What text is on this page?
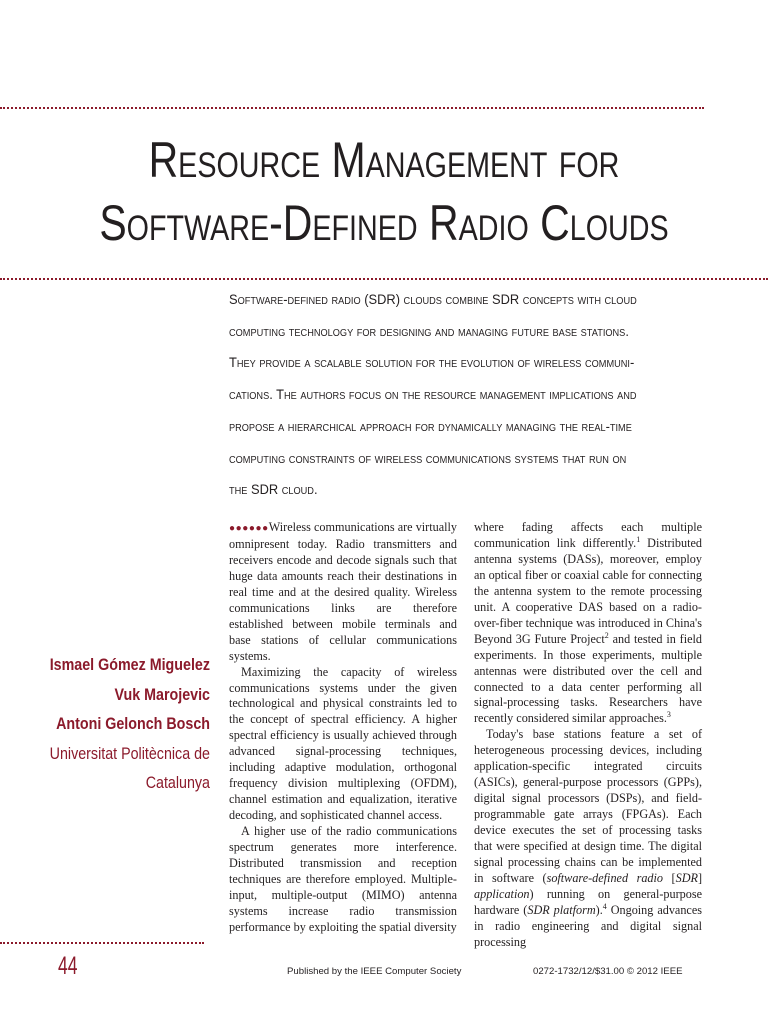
Resource Management for
Software-Defined Radio Clouds
Software-defined radio (SDR) clouds combine SDR concepts with cloud
computing technology for designing and managing future base stations.
They provide a scalable solution for the evolution of wireless communi-
cations. The authors focus on the resource management implications and
propose a hierarchical approach for dynamically managing the real-time
computing constraints of wireless communications systems that run on
the SDR cloud.
Ismael Gómez Miguelez
Vuk Marojevic
Antoni Gelonch Bosch
Universitat Politècnica de
Catalunya

●●●●●●Wireless communications are virtually omnipresent today. Radio transmitters and receivers encode and decode signals such that huge data amounts reach their destinations in real time and at the desired quality. Wireless communications links are therefore established between mobile terminals and base stations of cellular communications systems.

Maximizing the capacity of wireless communications systems under the given technological and physical constraints led to the concept of spectral efficiency. A higher spectral efficiency is usually achieved through advanced signal-processing techniques, including adaptive modulation, orthogonal frequency division multiplexing (OFDM), channel estimation and equalization, iterative decoding, and sophisticated channel access.

A higher use of the radio communications spectrum generates more interference. Distributed transmission and reception techniques are therefore employed. Multiple-input, multiple-output (MIMO) antenna systems increase radio transmission performance by exploiting the spatial diversity

where fading affects each multiple communication link differently.$^1$ Distributed antenna systems (DASs), moreover, employ an optical fiber or coaxial cable for connecting the antenna system to the remote processing unit. A cooperative DAS based on a radio-over-fiber technique was introduced in China's Beyond 3G Future Project$^2$ and tested in field experiments. In those experiments, multiple antennas were distributed over the cell and connected to a data center performing all signal-processing tasks. Researchers have recently considered similar approaches.$^3$

Today's base stations feature a set of heterogeneous processing devices, including application-specific integrated circuits (ASICs), general-purpose processors (GPPs), digital signal processors (DSPs), and field-programmable gate arrays (FPGAs). Each device executes the set of processing tasks that were specified at design time. The digital signal processing chains can be implemented in software (software-defined radio [SDR] application) running on general-purpose hardware (SDR platform).$^4$ Ongoing advances in radio engineering and digital signal processing

44	Published by the IEEE Computer Society	0272-1732/12/$31.00 © 2012 IEEE
